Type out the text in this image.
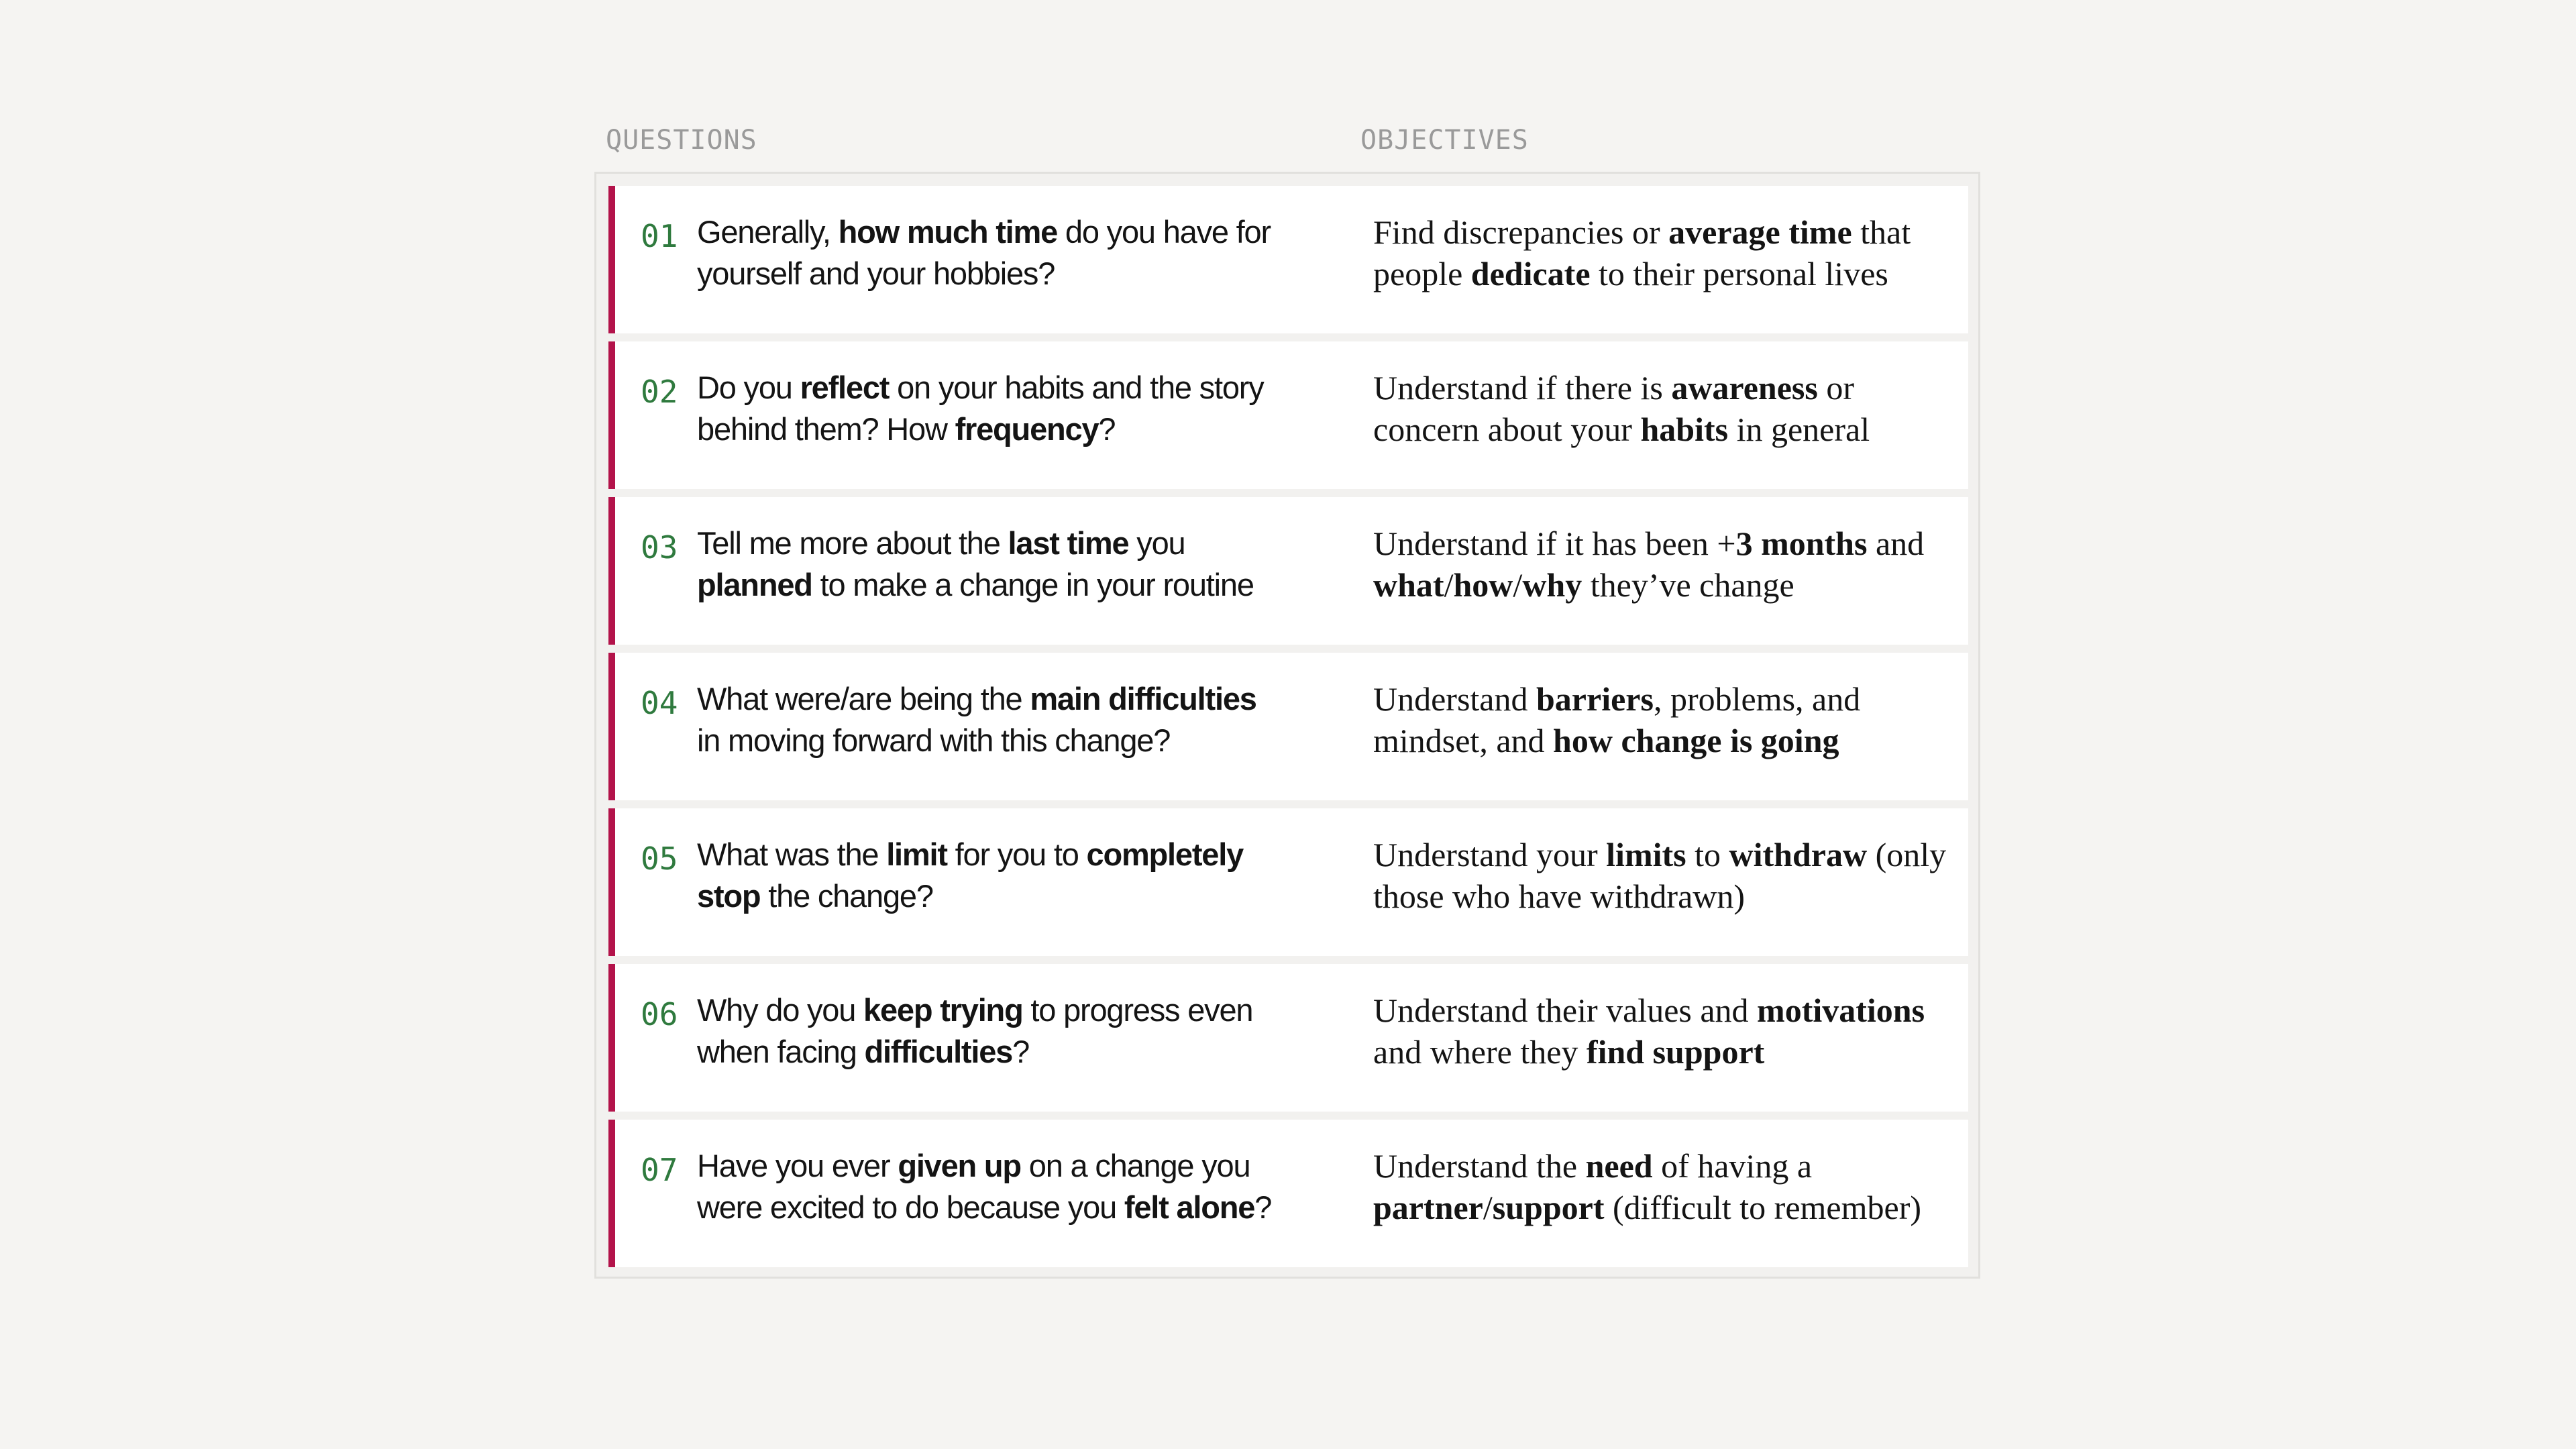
QUESTIONS	OBJECTIVES
01 Generally, how much time do you have for yourself and your hobbies?
Find discrepancies or average time that people dedicate to their personal lives
02 Do you reflect on your habits and the story behind them? How frequency?
Understand if there is awareness or concern about your habits in general
03 Tell me more about the last time you planned to make a change in your routine
Understand if it has been +3 months and what/how/why they’ve change
04 What were/are being the main difficulties in moving forward with this change?
Understand barriers, problems, and mindset, and how change is going
05 What was the limit for you to completely stop the change?
Understand your limits to withdraw (only those who have withdrawn)
06 Why do you keep trying to progress even when facing difficulties?
Understand their values and motivations and where they find support
07 Have you ever given up on a change you were excited to do because you felt alone?
Understand the need of having a partner/support (difficult to remember)
